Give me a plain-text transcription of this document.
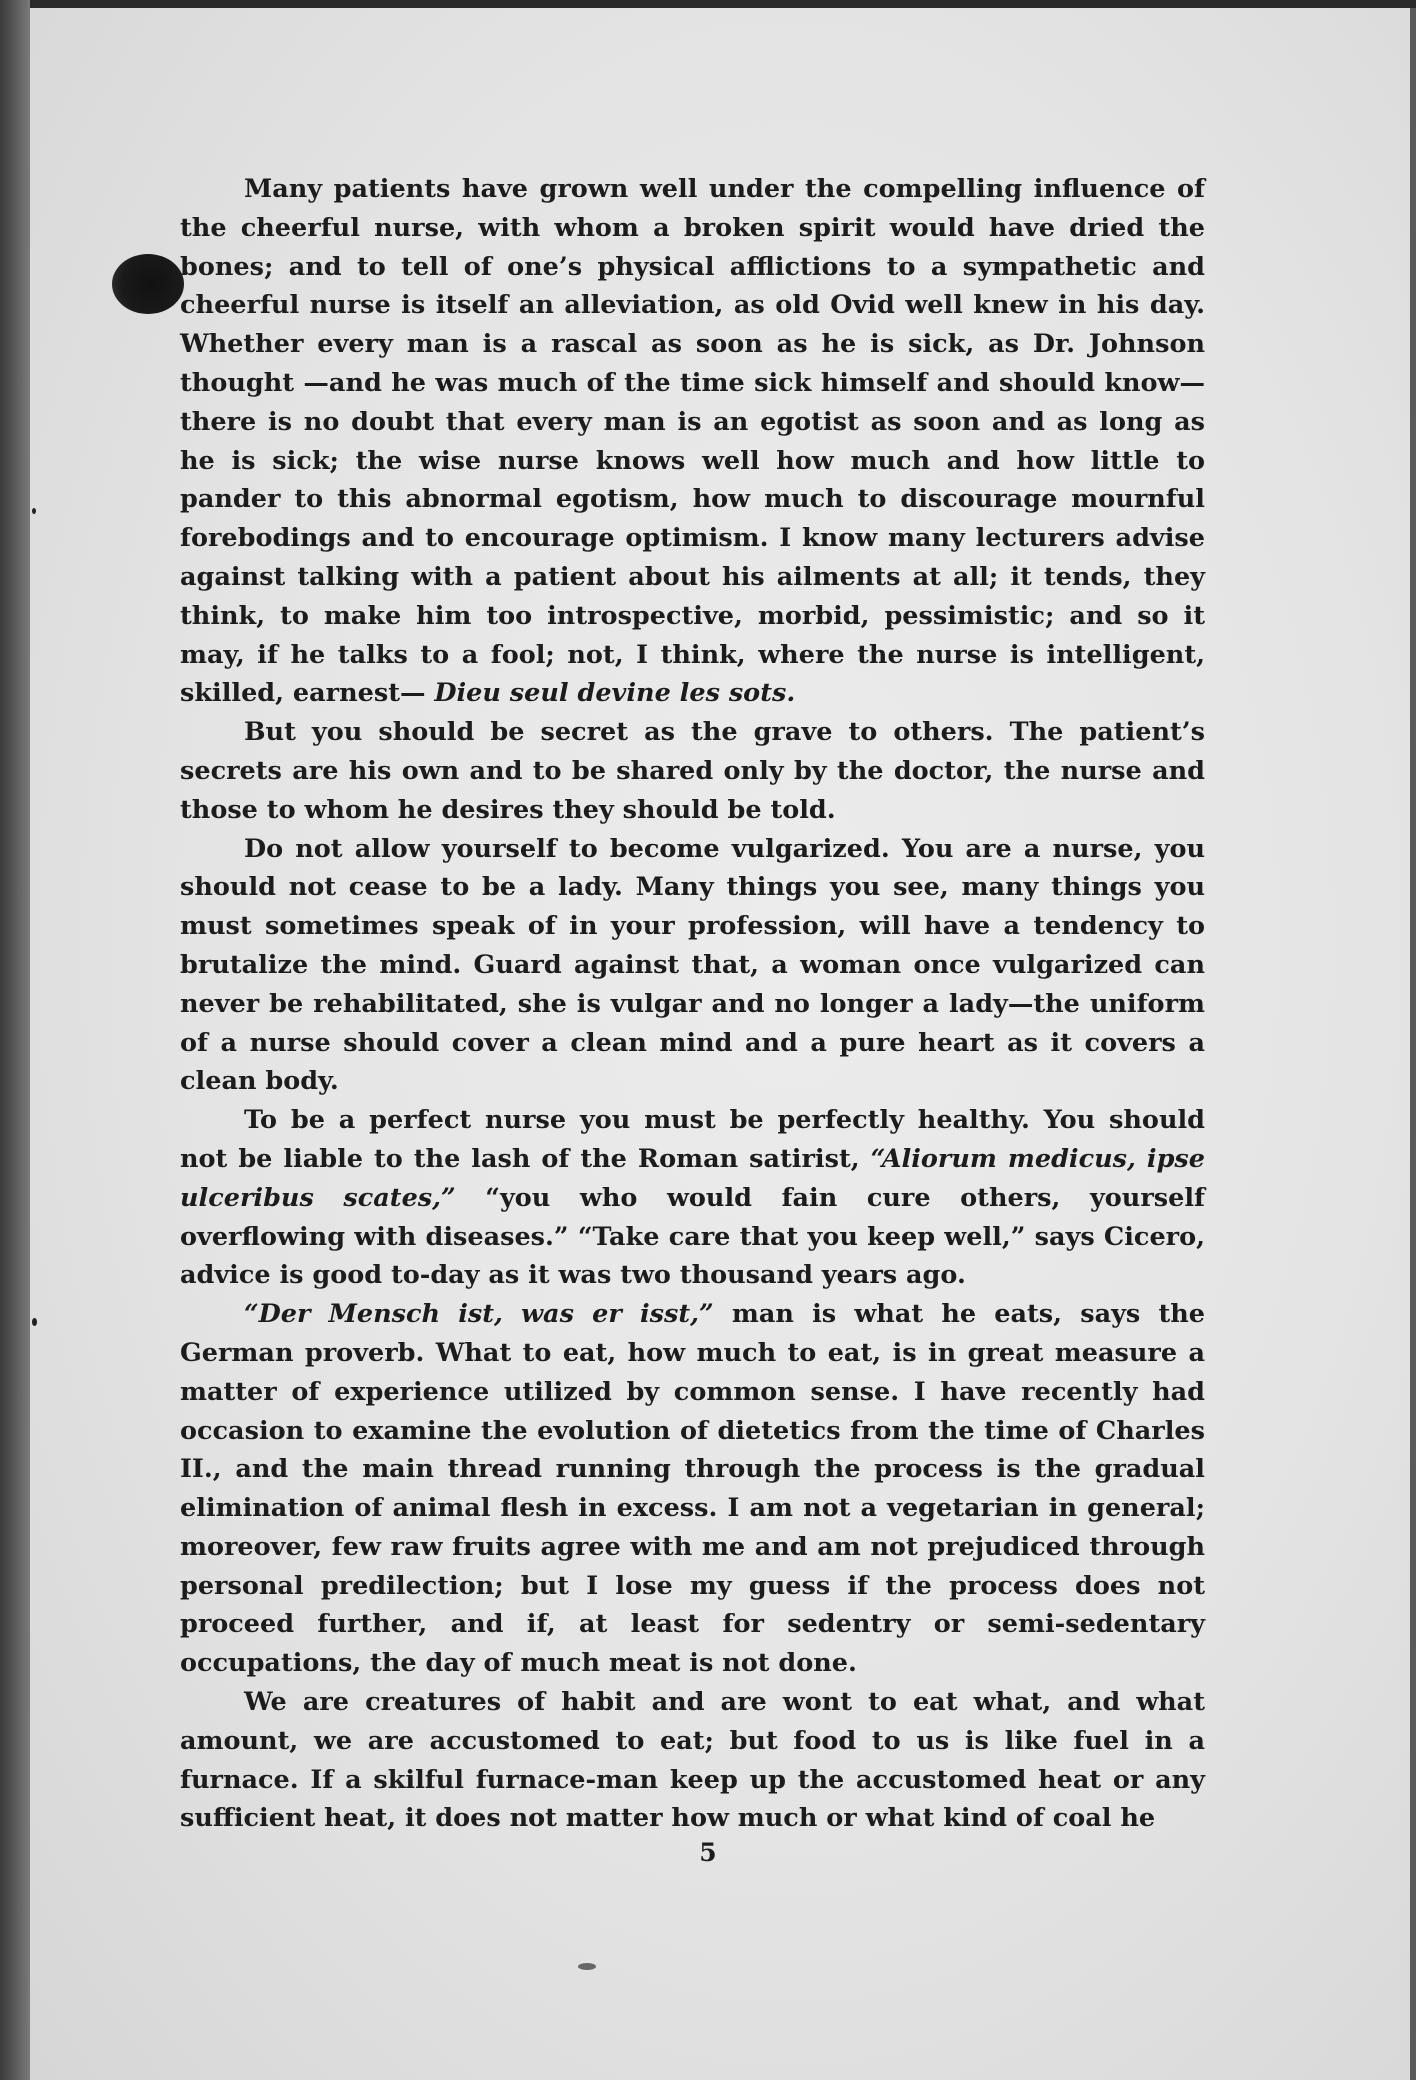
Many patients have grown well under the compelling influence of the cheerful nurse, with whom a broken spirit would have dried the bones; and to tell of one’s physical afflictions to a sympathetic and cheerful nurse is itself an alleviation, as old Ovid well knew in his day. Whether every man is a rascal as soon as he is sick, as Dr. Johnson thought —and he was much of the time sick himself and should know—there is no doubt that every man is an egotist as soon and as long as he is sick; the wise nurse knows well how much and how little to pander to this abnormal egotism, how much to discourage mournful forebodings and to encourage optimism. I know many lecturers advise against talking with a patient about his ailments at all; it tends, they think, to make him too introspective, morbid, pessimistic; and so it may, if he talks to a fool; not, I think, where the nurse is intelligent, skilled, earnest— Dieu seul devine les sots.

But you should be secret as the grave to others. The patient’s secrets are his own and to be shared only by the doctor, the nurse and those to whom he desires they should be told.

Do not allow yourself to become vulgarized. You are a nurse, you should not cease to be a lady. Many things you see, many things you must sometimes speak of in your profession, will have a tendency to brutalize the mind. Guard against that, a woman once vulgarized can never be rehabilitated, she is vulgar and no longer a lady—the uniform of a nurse should cover a clean mind and a pure heart as it covers a clean body.

To be a perfect nurse you must be perfectly healthy. You should not be liable to the lash of the Roman satirist, “Aliorum medicus, ipse ulceribus scates,” “you who would fain cure others, yourself overflowing with diseases.” “Take care that you keep well,” says Cicero, advice is good to-day as it was two thousand years ago.

“Der Mensch ist, was er isst,” man is what he eats, says the German proverb. What to eat, how much to eat, is in great measure a matter of experience utilized by common sense. I have recently had occasion to examine the evolution of dietetics from the time of Charles II., and the main thread running through the process is the gradual elimination of animal flesh in excess. I am not a vegetarian in general; moreover, few raw fruits agree with me and am not prejudiced through personal predilection; but I lose my guess if the process does not proceed further, and if, at least for sedentry or semi-sedentary occupations, the day of much meat is not done.

We are creatures of habit and are wont to eat what, and what amount, we are accustomed to eat; but food to us is like fuel in a furnace. If a skilful furnace-man keep up the accustomed heat or any sufficient heat, it does not matter how much or what kind of coal he

5
